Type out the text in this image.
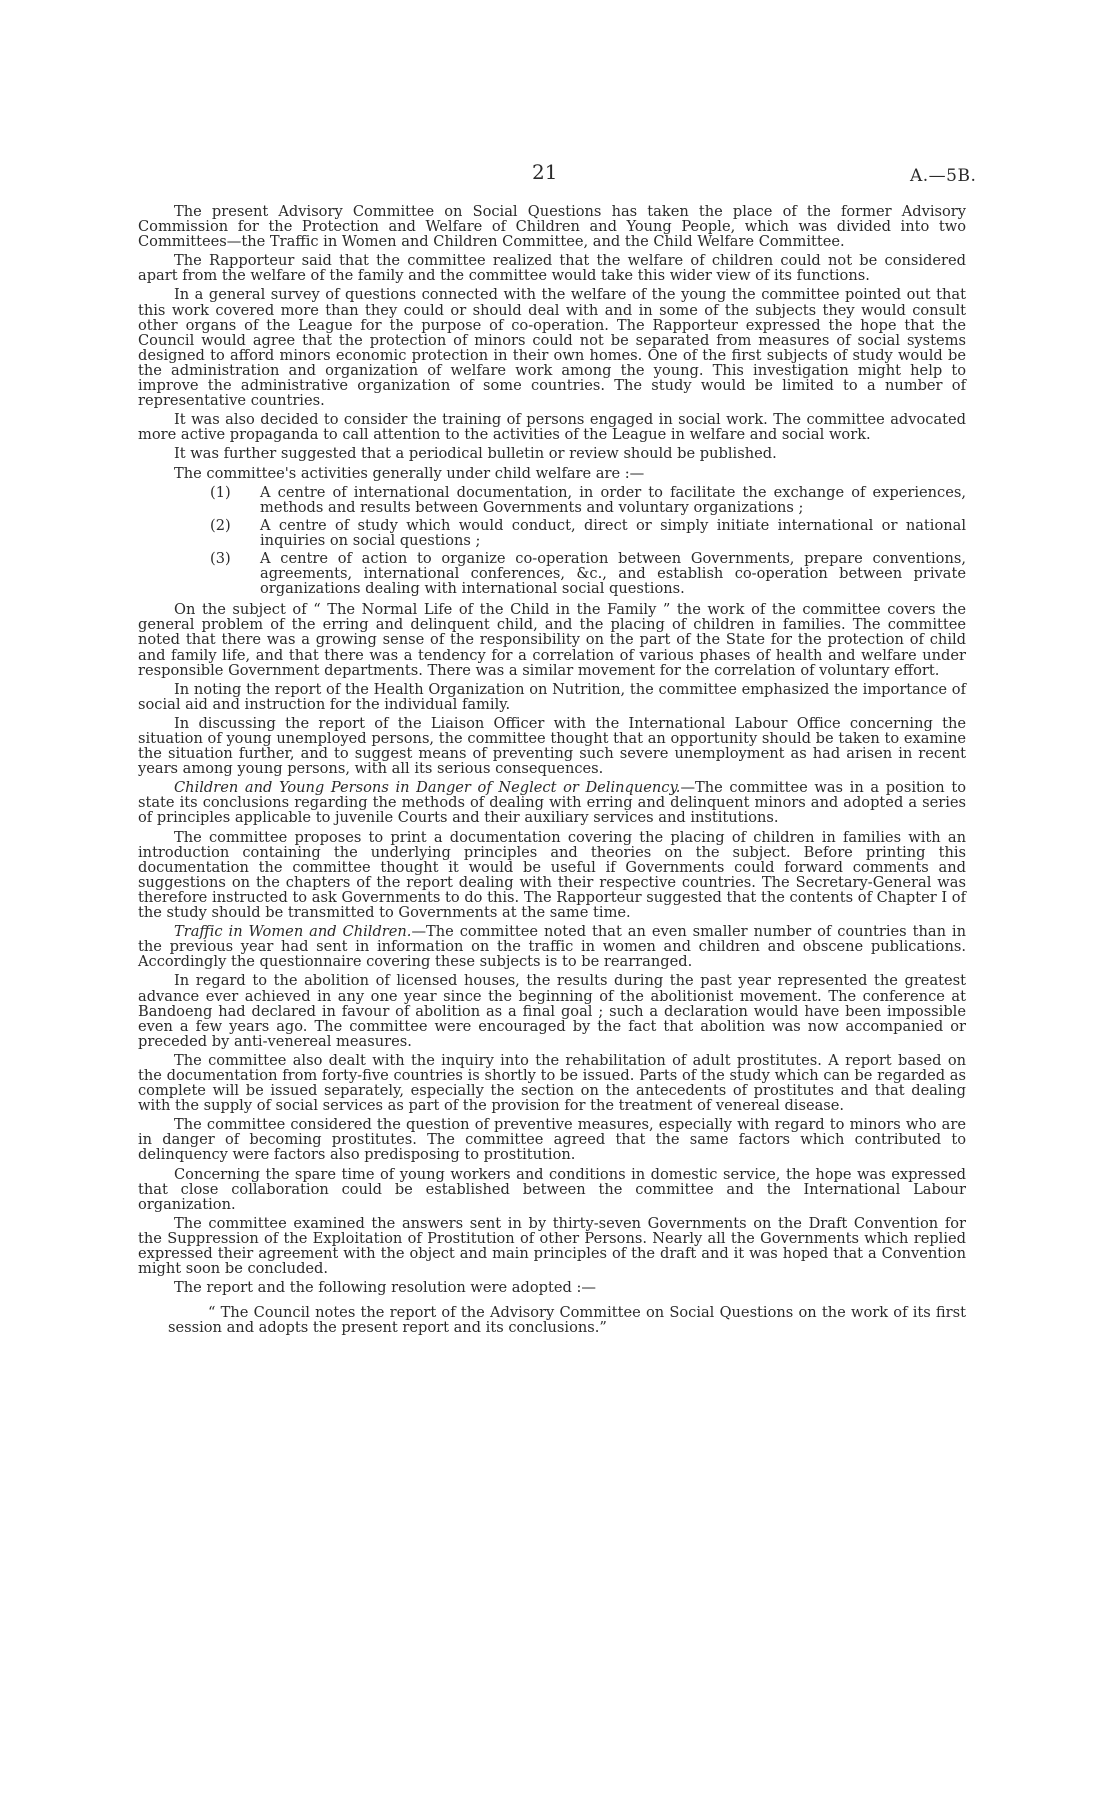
21	A.—5B.

The present Advisory Committee on Social Questions has taken the place of the former Advisory Commission for the Protection and Welfare of Children and Young People, which was divided into two Committees—the Traffic in Women and Children Committee, and the Child Welfare Committee.

The Rapporteur said that the committee realized that the welfare of children could not be considered apart from the welfare of the family and the committee would take this wider view of its functions.

In a general survey of questions connected with the welfare of the young the committee pointed out that this work covered more than they could or should deal with and in some of the subjects they would consult other organs of the League for the purpose of co-operation. The Rapporteur expressed the hope that the Council would agree that the protection of minors could not be separated from measures of social systems designed to afford minors economic protection in their own homes. One of the first subjects of study would be the administration and organization of welfare work among the young. This investigation might help to improve the administrative organization of some countries. The study would be limited to a number of representative countries.

It was also decided to consider the training of persons engaged in social work. The committee advocated more active propaganda to call attention to the activities of the League in welfare and social work.

It was further suggested that a periodical bulletin or review should be published.

The committee's activities generally under child welfare are :—

(1)	A centre of international documentation, in order to facilitate the exchange of experiences, methods and results between Governments and voluntary organizations ;
(2)	A centre of study which would conduct, direct or simply initiate international or national inquiries on social questions ;
(3)	A centre of action to organize co-operation between Governments, prepare conventions, agreements, international conferences, &c., and establish co-operation between private organizations dealing with international social questions.

On the subject of “ The Normal Life of the Child in the Family ” the work of the committee covers the general problem of the erring and delinquent child, and the placing of children in families. The committee noted that there was a growing sense of the responsibility on the part of the State for the protection of child and family life, and that there was a tendency for a correlation of various phases of health and welfare under responsible Government departments. There was a similar movement for the correlation of voluntary effort.

In noting the report of the Health Organization on Nutrition, the committee emphasized the importance of social aid and instruction for the individual family.

In discussing the report of the Liaison Officer with the International Labour Office concerning the situation of young unemployed persons, the committee thought that an opportunity should be taken to examine the situation further, and to suggest means of preventing such severe unemployment as had arisen in recent years among young persons, with all its serious consequences.

Children and Young Persons in Danger of Neglect or Delinquency.—The committee was in a position to state its conclusions regarding the methods of dealing with erring and delinquent minors and adopted a series of principles applicable to juvenile Courts and their auxiliary services and institutions.

The committee proposes to print a documentation covering the placing of children in families with an introduction containing the underlying principles and theories on the subject. Before printing this documentation the committee thought it would be useful if Governments could forward comments and suggestions on the chapters of the report dealing with their respective countries. The Secretary-General was therefore instructed to ask Governments to do this. The Rapporteur suggested that the contents of Chapter I of the study should be transmitted to Governments at the same time.

Traffic in Women and Children.—The committee noted that an even smaller number of countries than in the previous year had sent in information on the traffic in women and children and obscene publications. Accordingly the questionnaire covering these subjects is to be rearranged.

In regard to the abolition of licensed houses, the results during the past year represented the greatest advance ever achieved in any one year since the beginning of the abolitionist movement. The conference at Bandoeng had declared in favour of abolition as a final goal ; such a declaration would have been impossible even a few years ago. The committee were encouraged by the fact that abolition was now accompanied or preceded by anti-venereal measures.

The committee also dealt with the inquiry into the rehabilitation of adult prostitutes. A report based on the documentation from forty-five countries is shortly to be issued. Parts of the study which can be regarded as complete will be issued separately, especially the section on the antecedents of prostitutes and that dealing with the supply of social services as part of the provision for the treatment of venereal disease.

The committee considered the question of preventive measures, especially with regard to minors who are in danger of becoming prostitutes. The committee agreed that the same factors which contributed to delinquency were factors also predisposing to prostitution.

Concerning the spare time of young workers and conditions in domestic service, the hope was expressed that close collaboration could be established between the committee and the International Labour organization.

The committee examined the answers sent in by thirty-seven Governments on the Draft Convention for the Suppression of the Exploitation of Prostitution of other Persons. Nearly all the Governments which replied expressed their agreement with the object and main principles of the draft and it was hoped that a Convention might soon be concluded.

The report and the following resolution were adopted :—

“ The Council notes the report of the Advisory Committee on Social Questions on the work of its first session and adopts the present report and its conclusions.”
